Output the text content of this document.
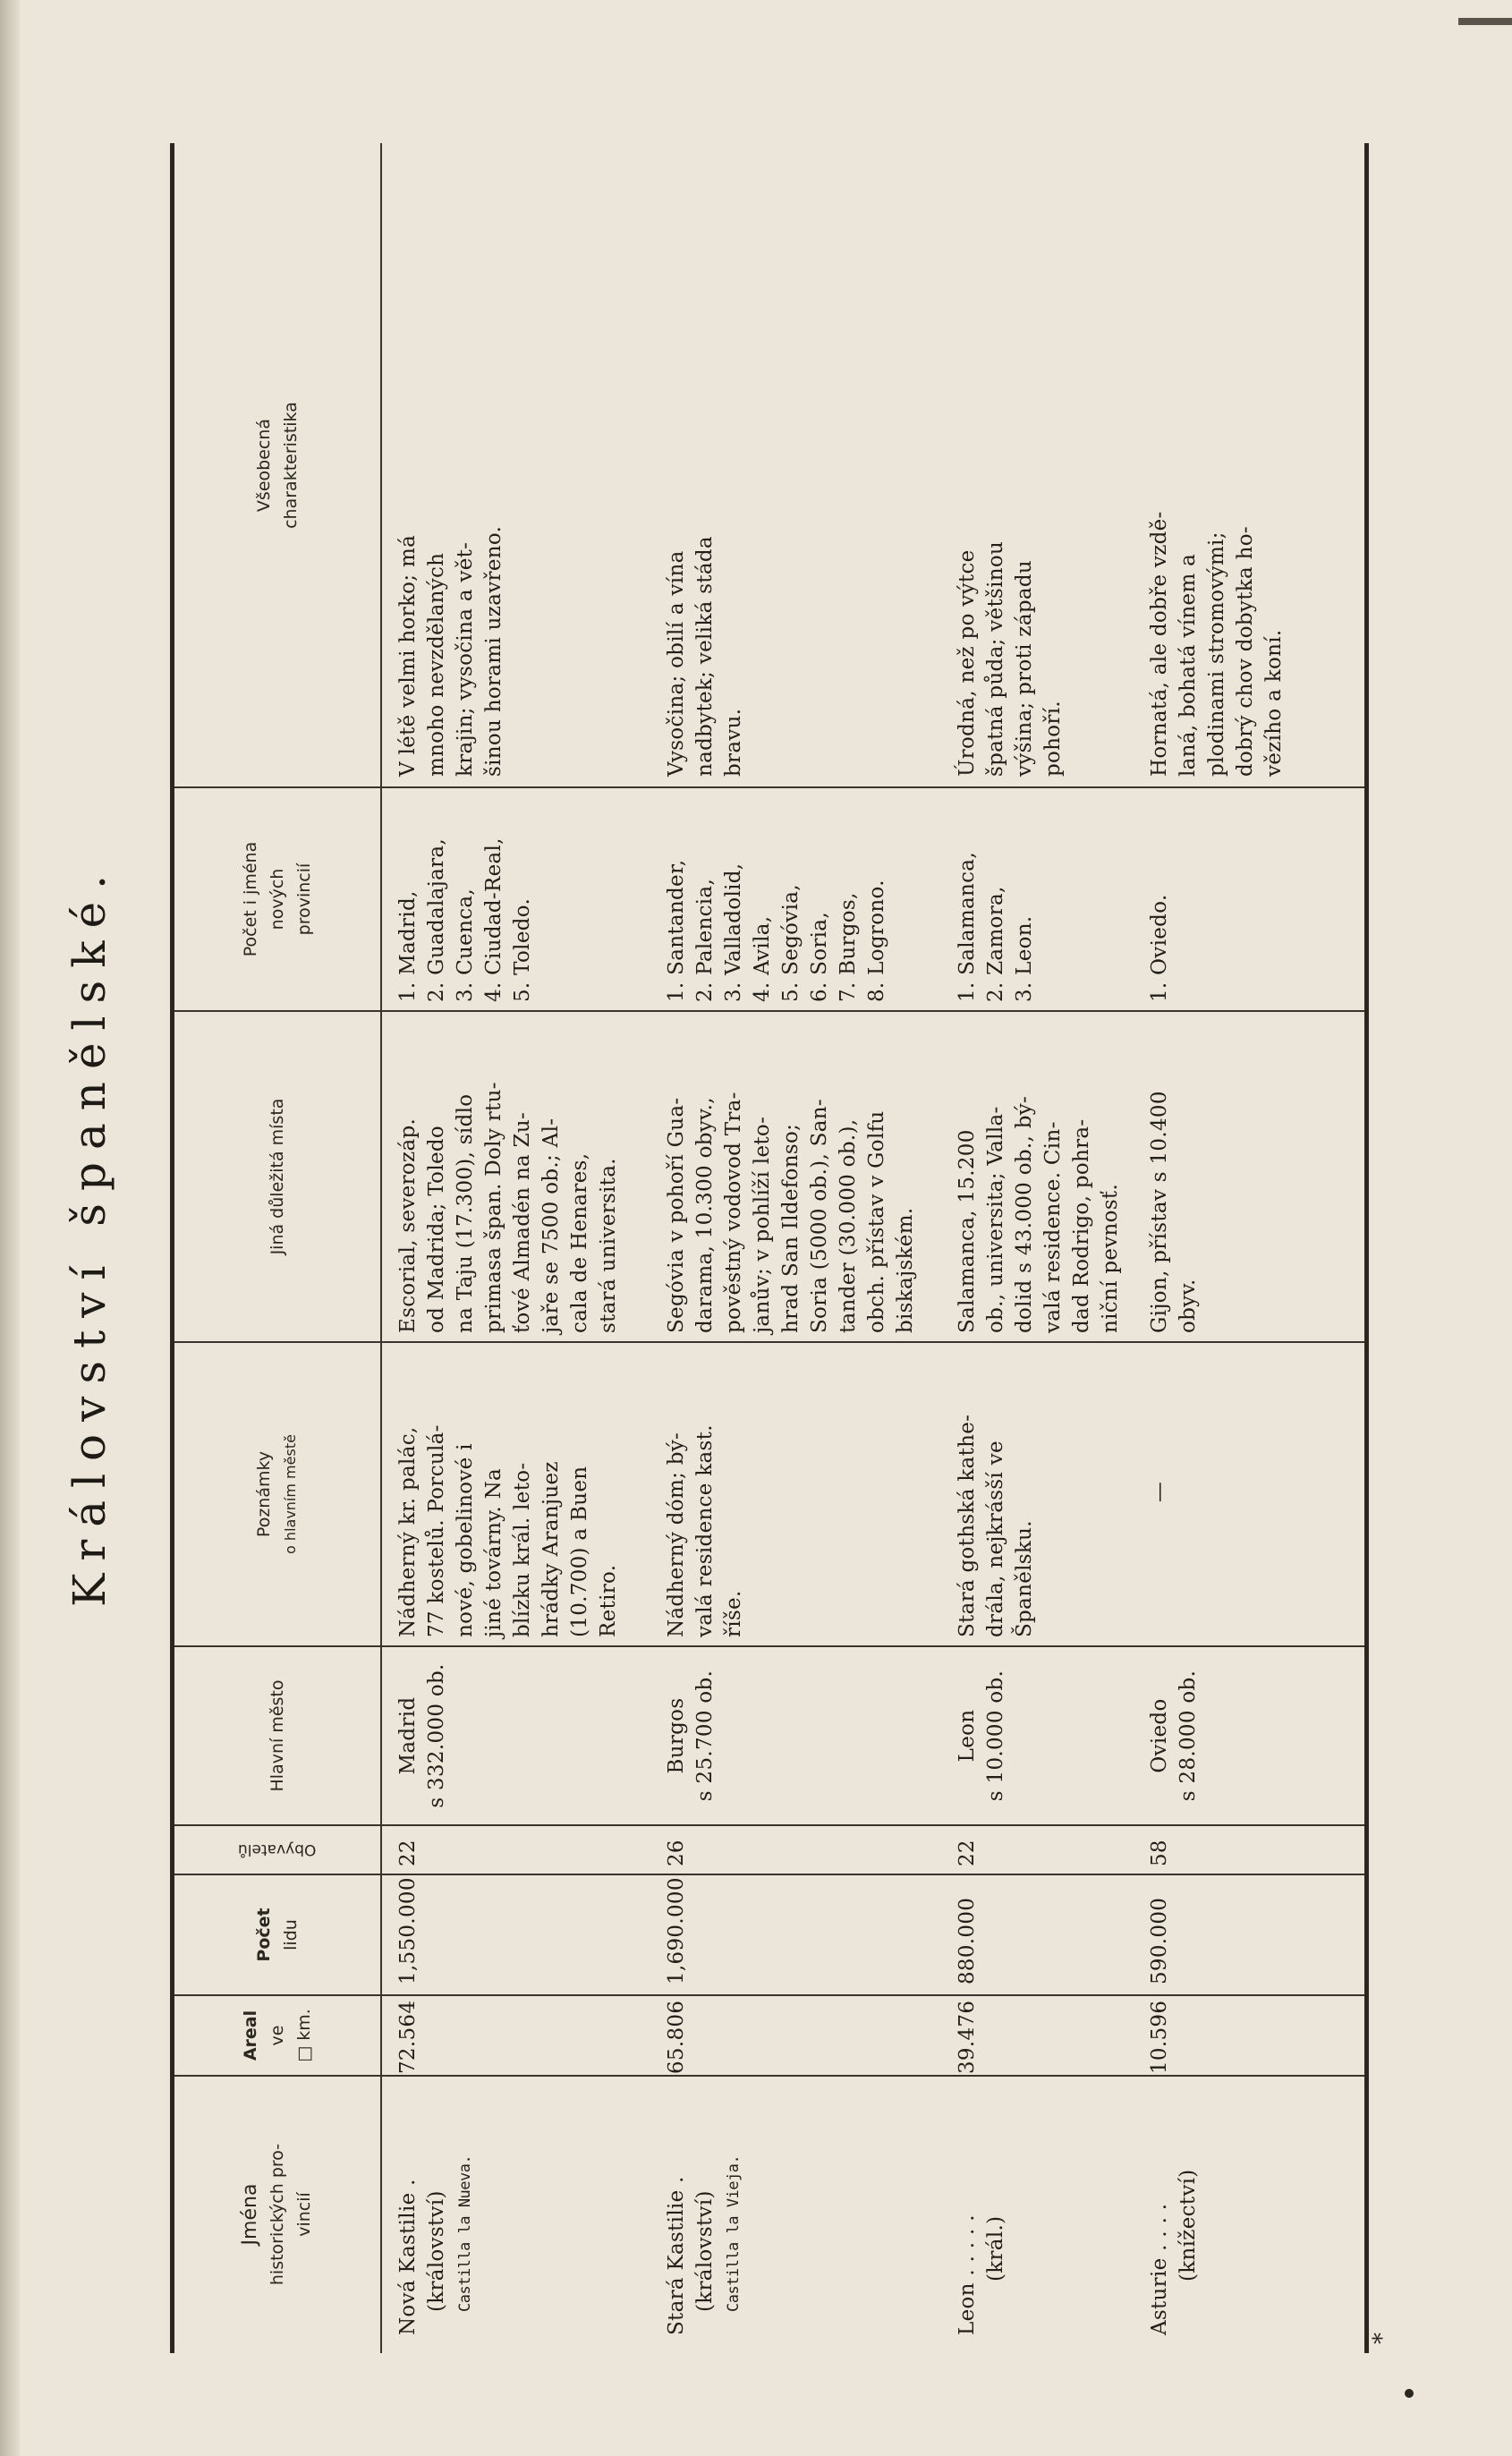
Království španělské.
Jména historických pro- vincií
Areal ve □ km.
Počet lidu
Obyvatelů
Hlavní město
Poznámky o hlavním městě
Jiná důležitá místa
Počet i jména nových provincií
Všeobecná charakteristika
Nová Kastilie . (království) Castilla la Nueva.
72.564
1,550.000
22
Madrid s 332.000 ob.
Nádherný kr. palác, 77 kostelů. Porculá- nové, gobelinové i jiné továrny. Na blízku král. leto- hrádky Aranjuez (10.700) a Buen Retiro.
Escorial, severozáp. od Madrida; Toledo na Taju (17.300), sídlo primasa špan. Doly rtu- ťové Almadén na Zu- jaře se 7500 ob.; Al- cala de Henares, stará universita.
1. Madrid, 2. Guadalajara, 3. Cuenca, 4. Ciudad-Real, 5. Toledo.
V létě velmi horko; má mnoho nevzdělaných krajin; vysočina a vět- šinou horami uzavřeno.
Stará Kastilie . (království) Castilla la Vieja.
65.806
1,690.000
26
Burgos s 25.700 ob.
Nádherný dóm; bý- valá residence kast. říše.
Segóvia v pohoří Gua- darama, 10.300 obyv., pověstný vodovod Tra- janův; v pohlíží leto- hrad San Ildefonso; Soria (5000 ob.), San- tander (30.000 ob.), obch. přístav v Golfu biskajském.
1. Santander, 2. Palencia, 3. Valladolid, 4. Avila, 5. Segóvia, 6. Soria, 7. Burgos, 8. Logrono.
Vysočina; obilí a vína nadbytek; veliká stáda bravu.
Leon . . . . . (král.)
39.476
880.000
22
Leon s 10.000 ob.
Stará gothská kathe- drála, nejkrásší ve Španělsku.
Salamanca, 15.200 ob., universita; Valla- dolid s 43.000 ob., bý- valá residence. Cin- dad Rodrigo, pohra- niční pevnosť.
1. Salamanca, 2. Zamora, 3. Leon.
Úrodná, než po výtce špatná půda; většinou výšina; proti západu pohoří.
Asturie . . . . (knížectví)
10.596
590.000
58
Oviedo s 28.000 ob.
—
Gijon, přístav s 10.400 obyv.
1. Oviedo.
Hornatá, ale dobře vzdě- laná, bohatá vínem a plodinami stromovými; dobrý chov dobytka ho- vězího a koní.
*
